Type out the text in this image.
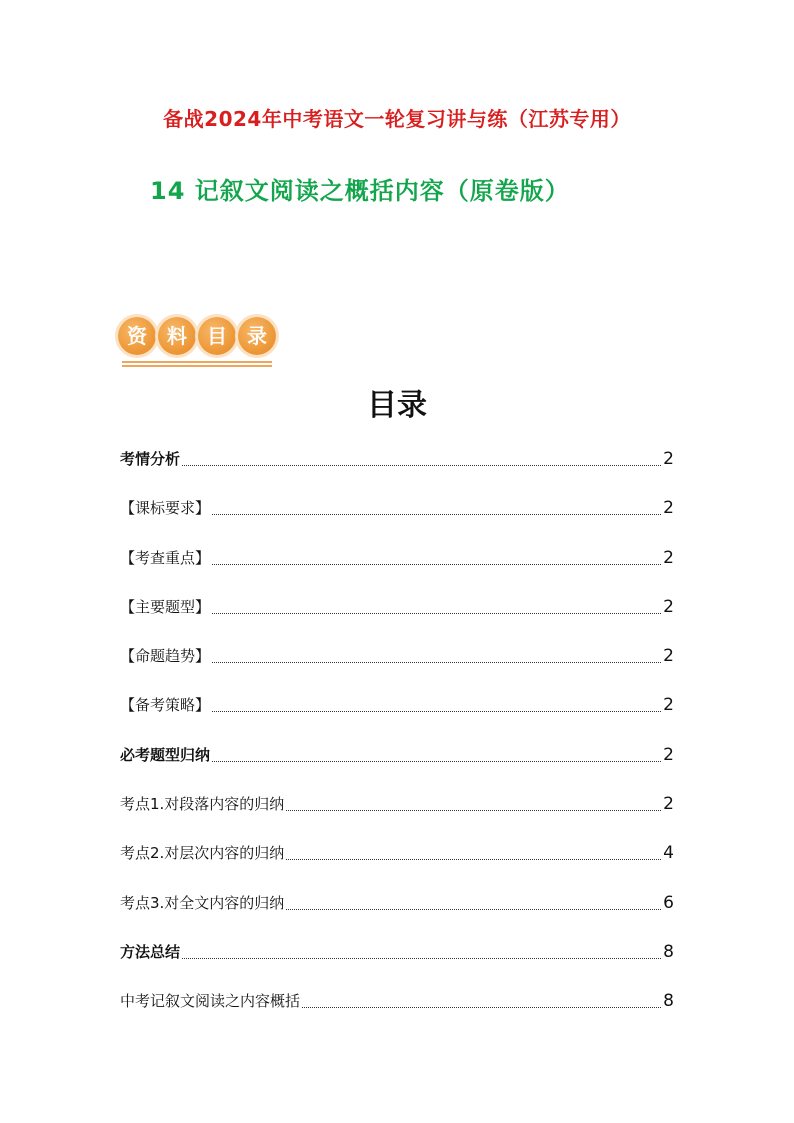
备战2024年中考语文一轮复习讲与练（江苏专用）
14 记叙文阅读之概括内容（原卷版）
资	料	目	录
目录
考情分析	2
【课标要求】	2
【考查重点】	2
【主要题型】	2
【命题趋势】	2
【备考策略】	2
必考题型归纳	2
考点1.对段落内容的归纳	2
考点2.对层次内容的归纳	4
考点3.对全文内容的归纳	6
方法总结	8
中考记叙文阅读之内容概括	8
